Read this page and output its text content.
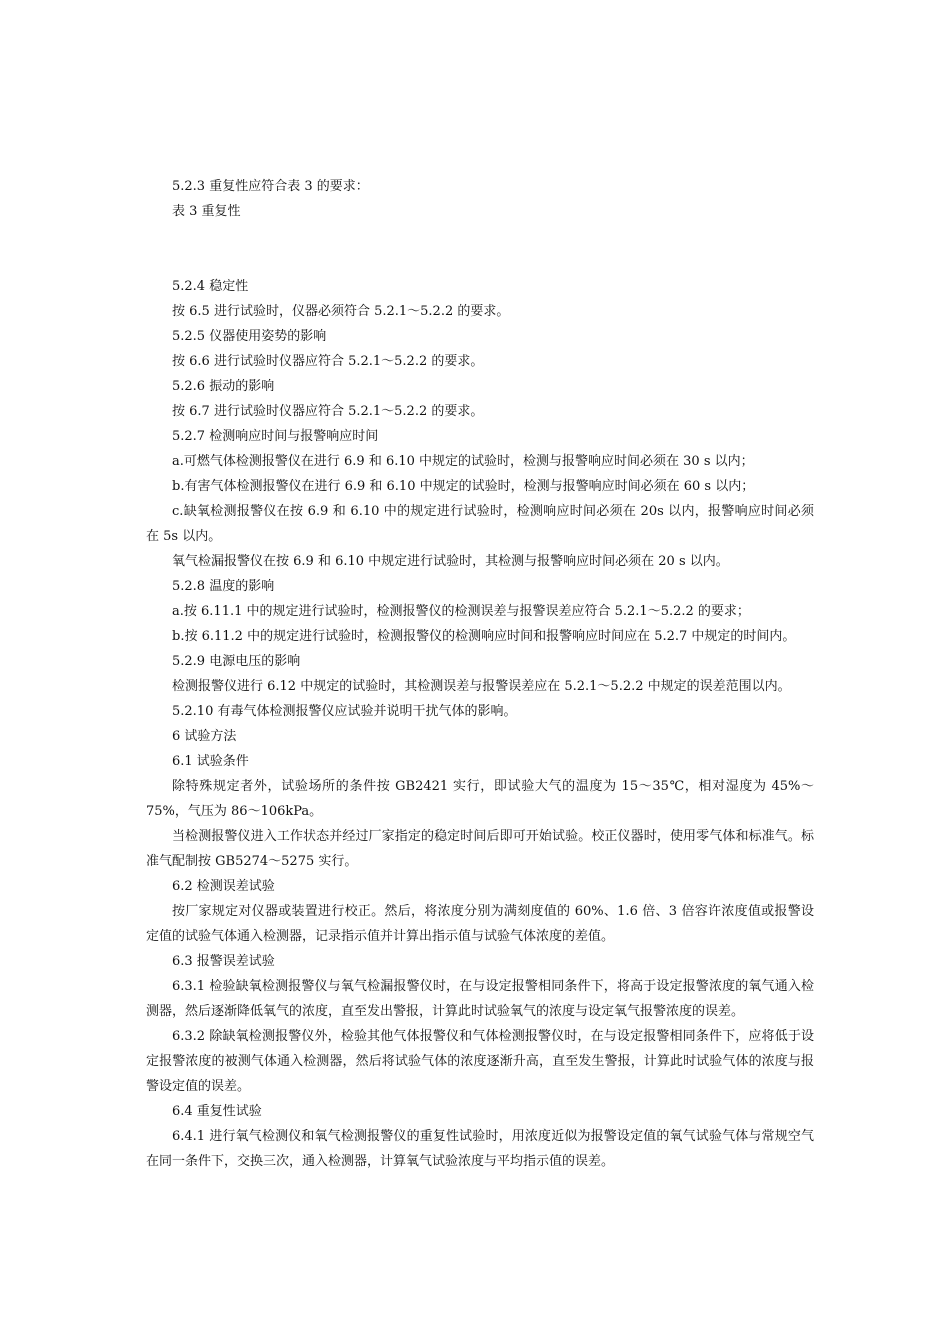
5.2.3 重复性应符合表 3 的要求：

表 3 重复性

5.2.4 稳定性

按 6.5 进行试验时，仪器必须符合 5.2.1～5.2.2 的要求。

5.2.5 仪器使用姿势的影响

按 6.6 进行试验时仪器应符合 5.2.1～5.2.2 的要求。

5.2.6 振动的影响

按 6.7 进行试验时仪器应符合 5.2.1～5.2.2 的要求。

5.2.7 检测响应时间与报警响应时间

a.可燃气体检测报警仪在进行 6.9 和 6.10 中规定的试验时，检测与报警响应时间必须在 30 s 以内；

b.有害气体检测报警仪在进行 6.9 和 6.10 中规定的试验时，检测与报警响应时间必须在 60 s 以内；

c.缺氧检测报警仪在按 6.9 和 6.10 中的规定进行试验时，检测响应时间必须在 20s 以内，报警响应时间必须在 5s 以内。

氧气检漏报警仪在按 6.9 和 6.10 中规定进行试验时，其检测与报警响应时间必须在 20 s 以内。

5.2.8 温度的影响

a.按 6.11.1 中的规定进行试验时，检测报警仪的检测误差与报警误差应符合 5.2.1～5.2.2 的要求；

b.按 6.11.2 中的规定进行试验时，检测报警仪的检测响应时间和报警响应时间应在 5.2.7 中规定的时间内。

5.2.9 电源电压的影响

检测报警仪进行 6.12 中规定的试验时，其检测误差与报警误差应在 5.2.1～5.2.2 中规定的误差范围以内。

5.2.10 有毒气体检测报警仪应试验并说明干扰气体的影响。

6 试验方法

6.1 试验条件

除特殊规定者外，试验场所的条件按 GB2421 实行，即试验大气的温度为 15～35℃，相对湿度为 45%～75%，气压为 86～106kPa。

当检测报警仪进入工作状态并经过厂家指定的稳定时间后即可开始试验。校正仪器时，使用零气体和标准气。标准气配制按 GB5274～5275 实行。

6.2 检测误差试验

按厂家规定对仪器或装置进行校正。然后，将浓度分别为满刻度值的 60%、1.6 倍、3 倍容许浓度值或报警设定值的试验气体通入检测器，记录指示值并计算出指示值与试验气体浓度的差值。

6.3 报警误差试验

6.3.1 检验缺氧检测报警仪与氧气检漏报警仪时，在与设定报警相同条件下，将高于设定报警浓度的氧气通入检测器，然后逐渐降低氧气的浓度，直至发出警报，计算此时试验氧气的浓度与设定氧气报警浓度的误差。

6.3.2 除缺氧检测报警仪外，检验其他气体报警仪和气体检测报警仪时，在与设定报警相同条件下，应将低于设定报警浓度的被测气体通入检测器，然后将试验气体的浓度逐渐升高，直至发生警报，计算此时试验气体的浓度与报警设定值的误差。

6.4 重复性试验

6.4.1 进行氧气检测仪和氧气检测报警仪的重复性试验时，用浓度近似为报警设定值的氧气试验气体与常规空气在同一条件下，交换三次，通入检测器，计算氧气试验浓度与平均指示值的误差。
